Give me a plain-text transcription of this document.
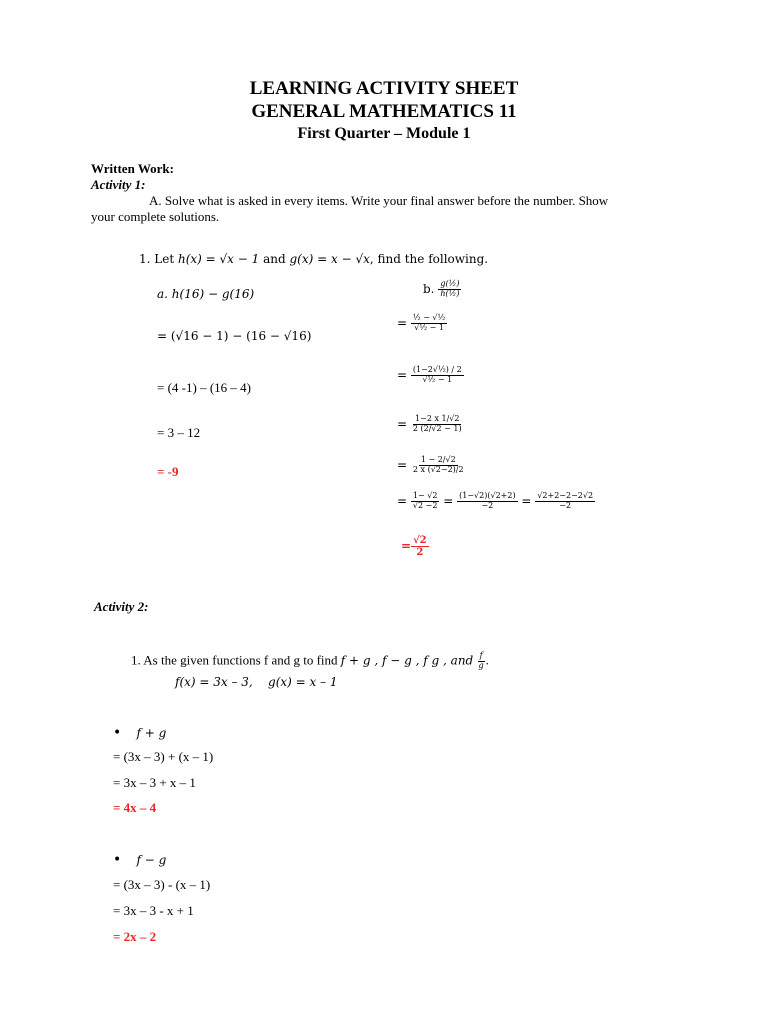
LEARNING ACTIVITY SHEET
GENERAL MATHEMATICS 11
First Quarter – Module 1
Written Work:
Activity 1:
A. Solve what is asked in every items. Write your final answer before the number. Show
your complete solutions.
1. Let h(x) = √x − 1 and g(x) = x − √x, find the following.
a. h(16) − g(16)
= (√16 − 1) − (16 − √16)
= (4 -1) – (16 – 4)
= 3 – 12
= -9
b. $\frac{\text{g(½)}}{\text{h(½)}}$
= $\frac{\text{½ − √½}}{\text{√½ − 1}}$
= $\frac{\text{(1−2√½) / 2}}{\text{√½ − 1}}$
= $\frac{1-2 x 1/√2}{2 (2/√2 - 1)}$
= $\frac{1 - 2/√2}{2 x (√2-2)/2}$
= $\frac{1- √2}{√2 -2} = \frac{(1-√2)(√2+2)}{-2} = \frac{√2+2-2-2√2}{-2}$
= $\frac{√2}{2}$
Activity 2:
1. As the given functions f and g to find f + g , f − g , f g , and $\frac{f}{g}$ .
f(x) = 3x – 3, g(x) = x – 1
• f + g
= (3x – 3) + (x – 1)
= 3x – 3 + x – 1
= 4x – 4
• f − g
= (3x – 3) - (x – 1)
= 3x – 3 - x + 1
= 2x – 2
